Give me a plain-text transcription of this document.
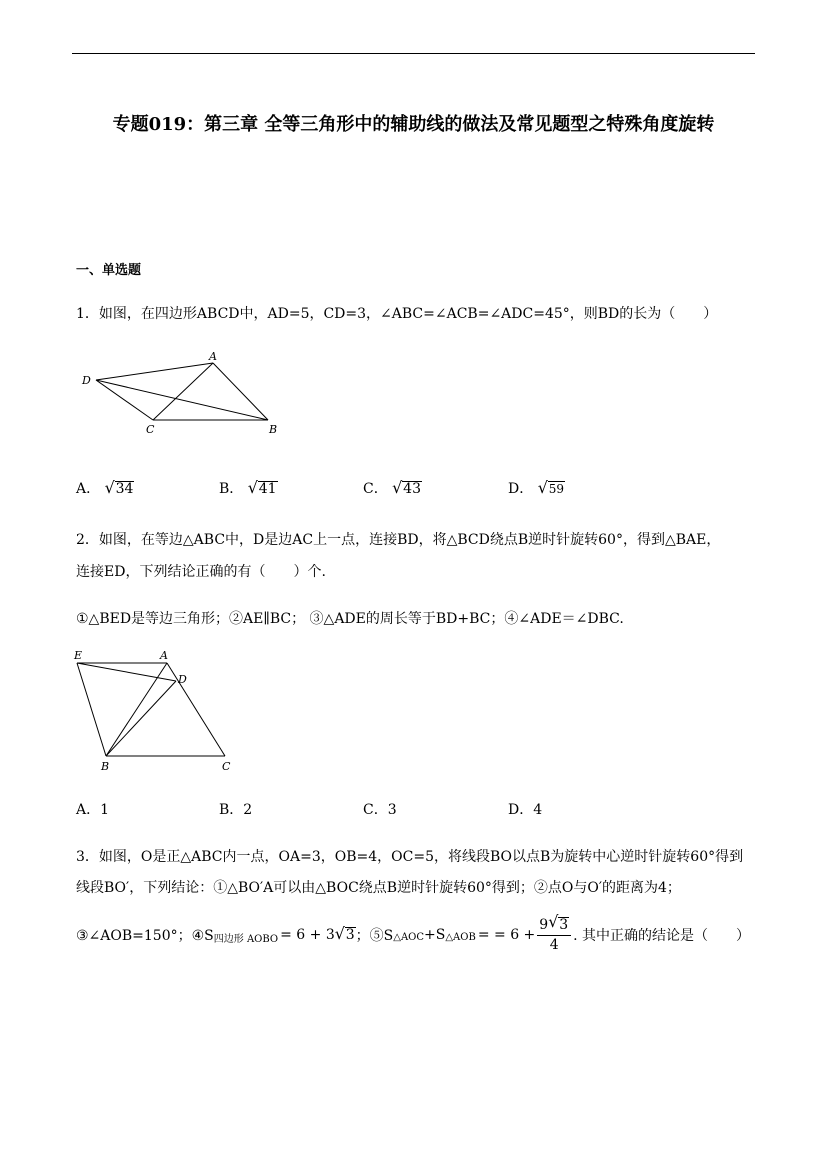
专题019：第三章 全等三角形中的辅助线的做法及常见题型之特殊角度旋转
一、单选题
1．如图，在四边形ABCD中，AD=5，CD=3，∠ABC=∠ACB=∠ADC=45°，则BD的长为（　　）
D
A
C	B
A． √ 34	B． √ 41	C． √ 43	D． √ 59
2．如图，在等边△ABC中，D是边AC上一点，连接BD，将△BCD绕点B逆时针旋转60°，得到△BAE，
连接ED，下列结论正确的有（　　）个.
①△BED是等边三角形；②AE∥BC； ③△ADE的周长等于BD+BC；④∠ADE＝∠DBC.
E	A
D
B	C
A．1	B．2	C．3	D．4
3．如图，O是正△ABC内一点，OA=3，OB=4，OC=5，将线段BO以点B为旋转中心逆时针旋转60°得到
线段BO′，下列结论：①△BO′A可以由△BOC绕点B逆时针旋转60°得到；②点O与O′的距离为4；
③∠AOB=150°；④S 四边形 AOBO = 6 + 3 √ 3 ；⑤S △AOC +S △AOB = = $6 + \frac{9 √ 3}{4}$ . 其中正确的结论是（　　）
